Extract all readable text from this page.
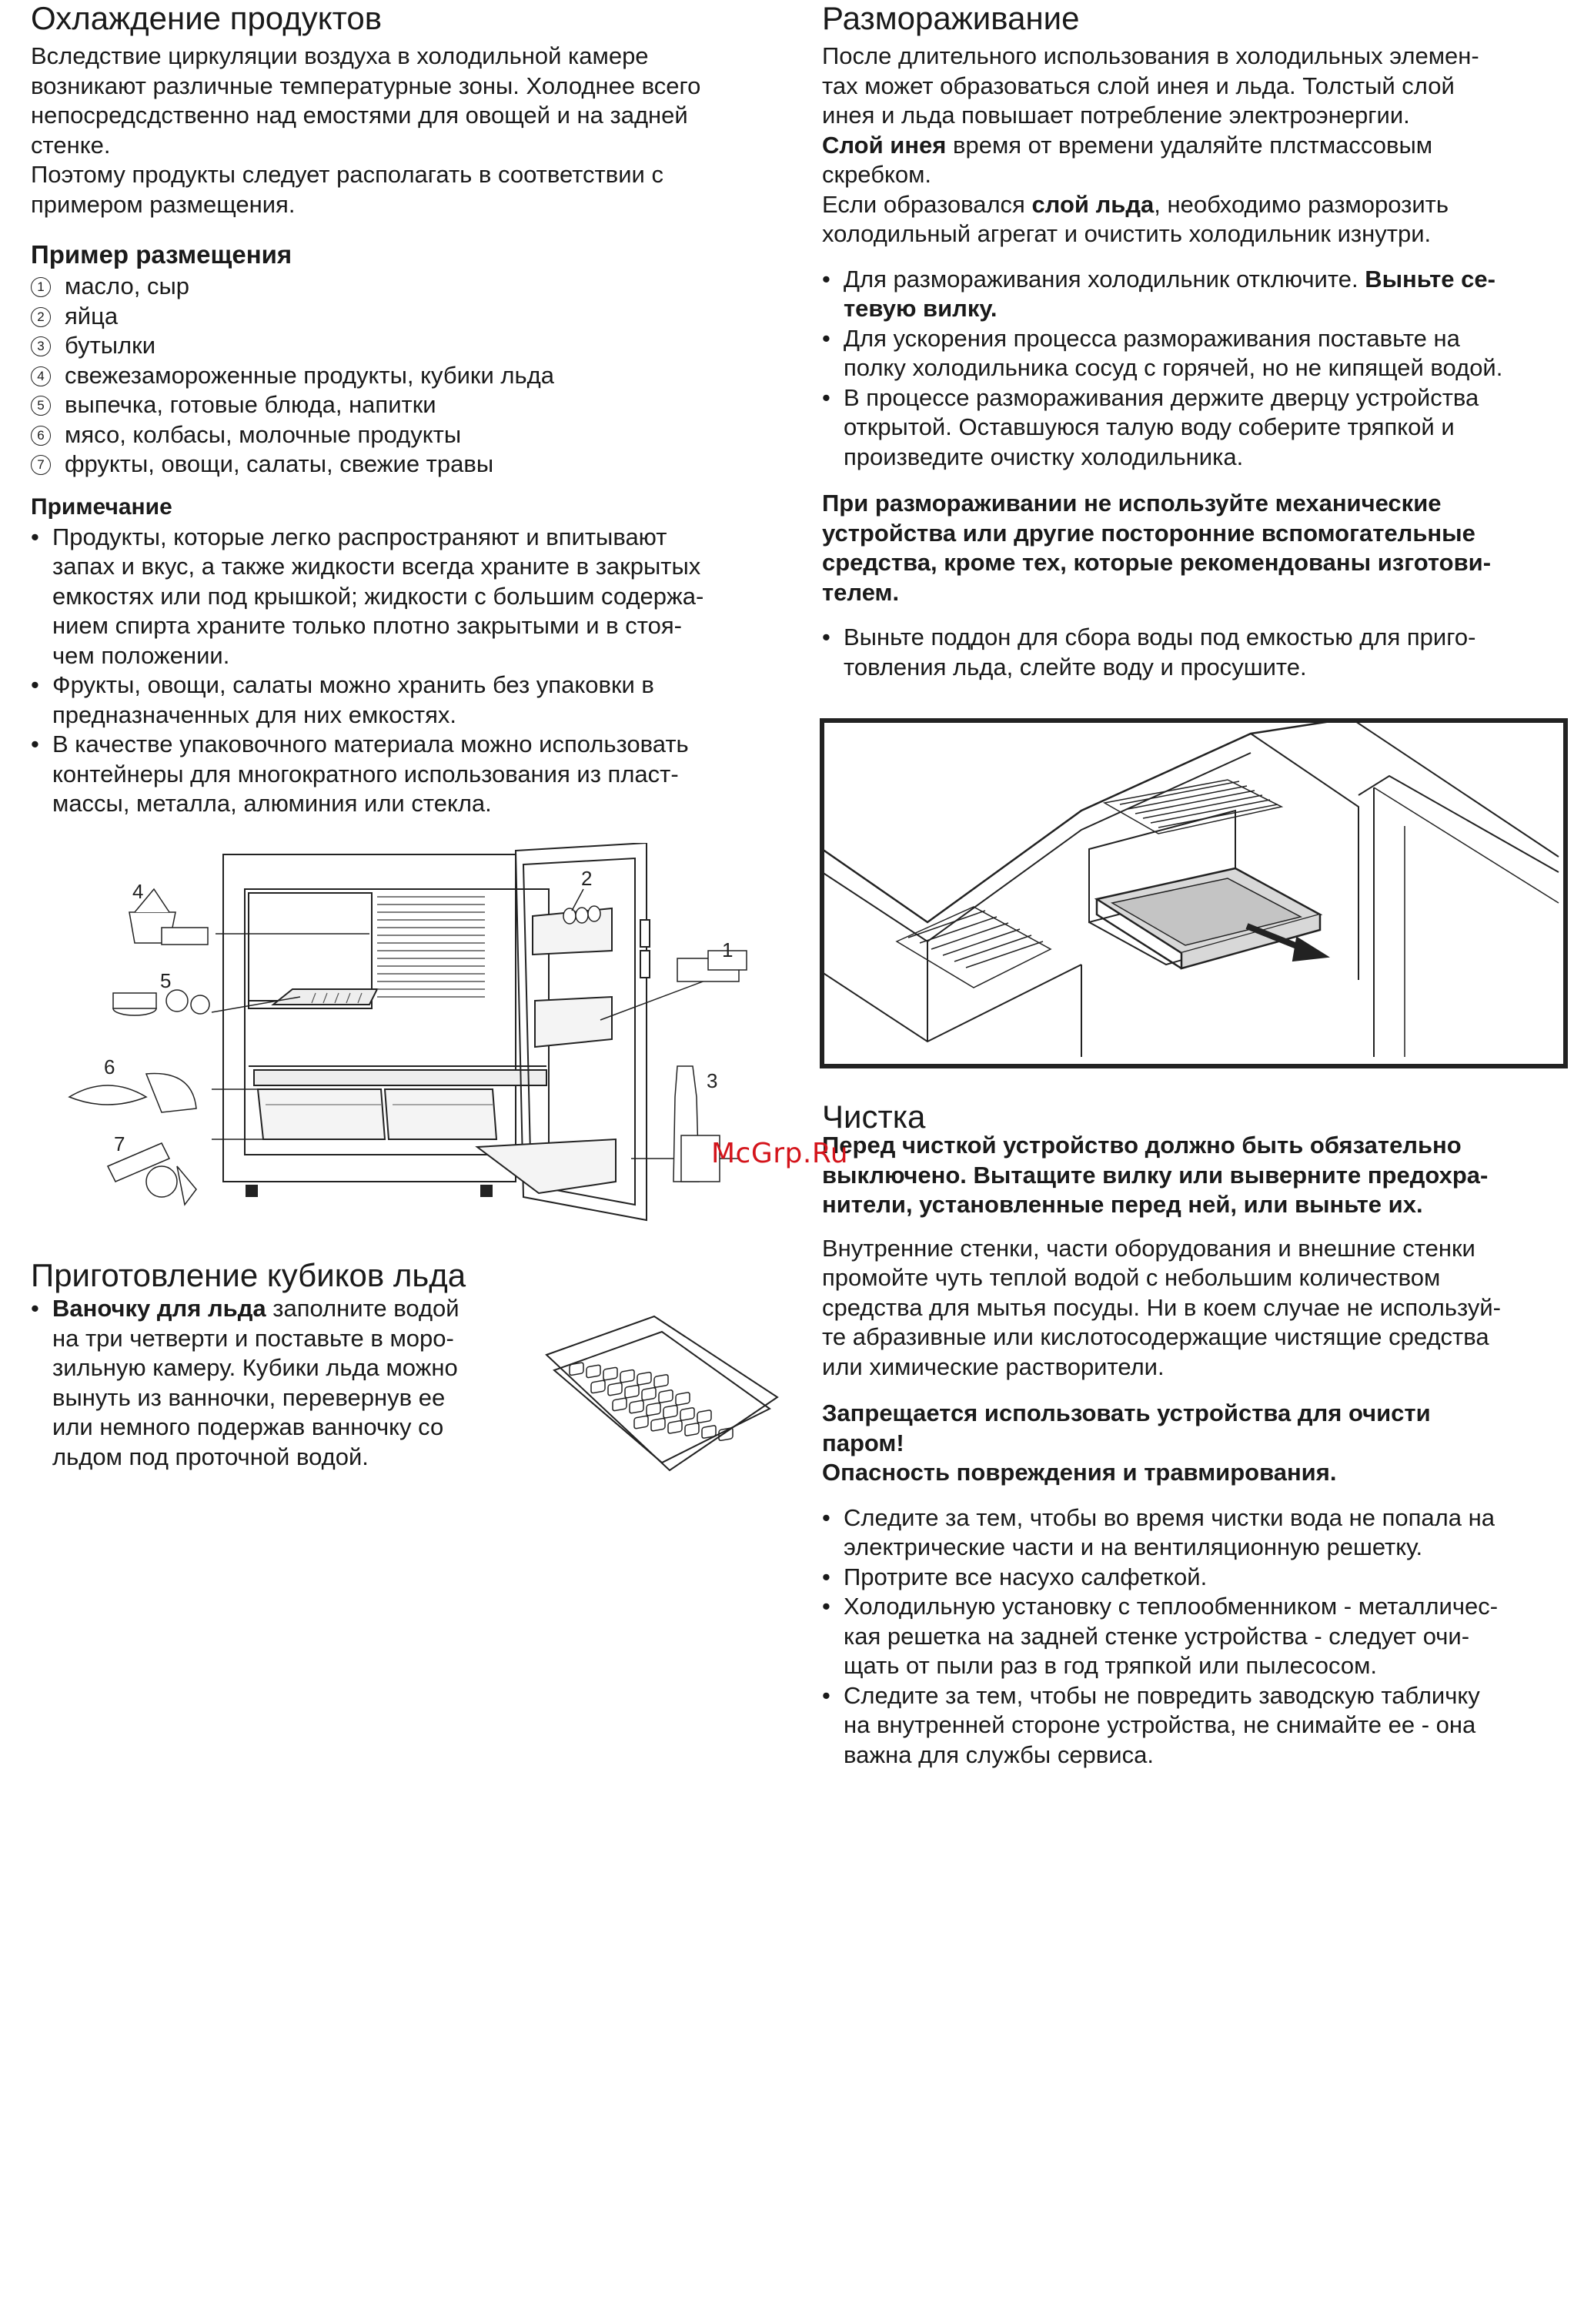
Охлаждение продуктов

Вследствие циркуляции воздуха в холодильной камере
возникают различные температурные зоны. Холоднее всего
непосредсдственно над емостями для овощей и на задней
стенке.

Поэтому продукты следует располагать в соответствии с
примером размещения.

Пример размещения
1 масло, сыр
2 яйца
3 бутылки
4 свежезамороженные продукты, кубики льда
5 выпечка, готовые блюда, напитки
6 мясо, колбасы, молочные продукты
7 фрукты, овощи, салаты, свежие травы
Примечание
• Продукты, которые легко распространяют и впитывают
запах и вкус, а также жидкости всегда храните в закрытых
емкостях или под крышкой; жидкости с большим содержа-
нием спирта храните только плотно закрытыми и в стоя-
чем положении.
• Фрукты, овощи, салаты можно хранить без упаковки в
предназначенных для них емкостях.
• В качестве упаковочного материала можно использовать
контейнеры для многократного использования из пласт-
массы, металла, алюминия или стекла.
4
5
6
7
2
1
3
Приготовление кубиков льда
• Ваночку для льда заполните водой
на три четверти и поставьте в моро-
зильную камеру. Кубики льда можно
вынуть из ванночки, перевернув ее
или немного подержав ванночку со
льдом под проточной водой.
Размораживание

После длительного использования в холодильных элемен-
тах может образоваться слой инея и льда. Толстый слой
инея и льда повышает потребление электроэнергии.

Слой инея время от времени удаляйте плстмассовым
скребком.

Если образовался слой льда, необходимо разморозить
холодильный агрегат и очистить холодильник изнутри.

• Для размораживания холодильник отключите. Выньте се-
тевую вилку.
• Для ускорения процесса размораживания поставьте на
полку холодильника сосуд с горячей, но не кипящей водой.
• В процессе размораживания держите дверцу устройства
открытой. Оставшуюся талую воду соберите тряпкой и
произведите очистку холодильника.

При размораживании не используйте механические
устройства или другие посторонние вспомогательные
средства, кроме тех, которые рекомендованы изготови-
телем.

• Выньте поддон для сбора воды под емкостью для приго-
товления льда, слейте воду и просушите.
Чистка

Перед чисткой устройство должно быть обязательно
выключено. Вытащите вилку или выверните предохра-
нители, установленные перед ней, или выньте их.

Внутренние стенки, части оборудования и внешние стенки
промойте чуть теплой водой с небольшим количеством
средства для мытья посуды. Ни в коем случае не используй-
те абразивные или кислотосодержащие чистящие средства
или химические растворители.

Запрещается использовать устройства для очисти
паром!
Опасность повреждения и травмирования.

• Следите за тем, чтобы во время чистки вода не попала на
электрические части и на вентиляционную решетку.
• Протрите все насухо салфеткой.
• Холодильную установку с теплообменником - металличес-
кая решетка на задней стенке устройства - следует очи-
щать от пыли раз в год тряпкой или пылесосом.
• Следите за тем, чтобы не повредить заводскую табличку
на внутренней стороне устройства, не снимайте ее - она
важна для службы сервиса.
McGrp.Ru
